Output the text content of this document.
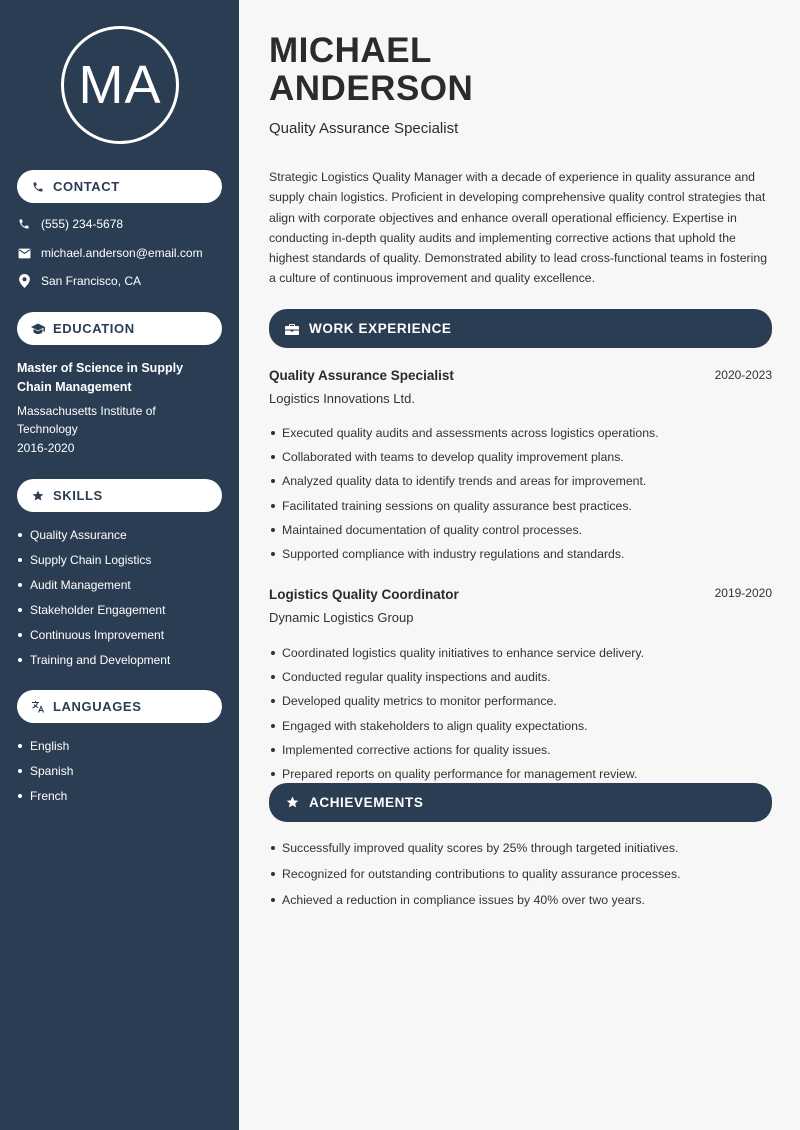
MA
CONTACT
(555) 234-5678
michael.anderson@email.com
San Francisco, CA
EDUCATION
Master of Science in Supply Chain Management
Massachusetts Institute of Technology
2016-2020
SKILLS
Quality Assurance
Supply Chain Logistics
Audit Management
Stakeholder Engagement
Continuous Improvement
Training and Development
LANGUAGES
English
Spanish
French
MICHAEL
ANDERSON
Quality Assurance Specialist
Strategic Logistics Quality Manager with a decade of experience in quality assurance and supply chain logistics. Proficient in developing comprehensive quality control strategies that align with corporate objectives and enhance overall operational efficiency. Expertise in conducting in-depth quality audits and implementing corrective actions that uphold the highest standards of quality. Demonstrated ability to lead cross-functional teams in fostering a culture of continuous improvement and quality excellence.
WORK EXPERIENCE
Quality Assurance Specialist	2020-2023
Logistics Innovations Ltd.
Executed quality audits and assessments across logistics operations.
Collaborated with teams to develop quality improvement plans.
Analyzed quality data to identify trends and areas for improvement.
Facilitated training sessions on quality assurance best practices.
Maintained documentation of quality control processes.
Supported compliance with industry regulations and standards.
Logistics Quality Coordinator	2019-2020
Dynamic Logistics Group
Coordinated logistics quality initiatives to enhance service delivery.
Conducted regular quality inspections and audits.
Developed quality metrics to monitor performance.
Engaged with stakeholders to align quality expectations.
Implemented corrective actions for quality issues.
Prepared reports on quality performance for management review.
ACHIEVEMENTS
Successfully improved quality scores by 25% through targeted initiatives.
Recognized for outstanding contributions to quality assurance processes.
Achieved a reduction in compliance issues by 40% over two years.
